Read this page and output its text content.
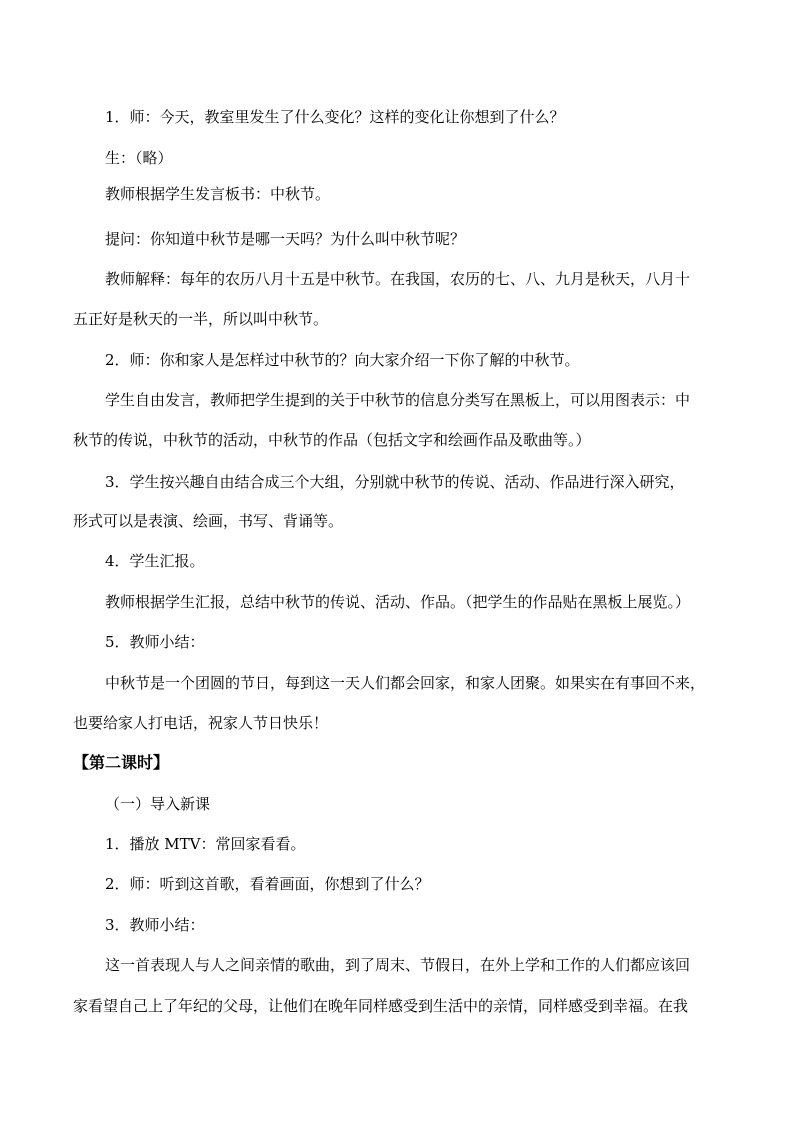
1．师：今天，教室里发生了什么变化？这样的变化让你想到了什么？
生：（略）
教师根据学生发言板书：中秋节。
提问：你知道中秋节是哪一天吗？为什么叫中秋节呢？
教师解释：每年的农历八月十五是中秋节。在我国，农历的七、八、九月是秋天，八月十
五正好是秋天的一半，所以叫中秋节。
2．师：你和家人是怎样过中秋节的？向大家介绍一下你了解的中秋节。
学生自由发言，教师把学生提到的关于中秋节的信息分类写在黑板上，可以用图表示：中
秋节的传说，中秋节的活动，中秋节的作品（包括文字和绘画作品及歌曲等。）
3．学生按兴趣自由结合成三个大组，分别就中秋节的传说、活动、作品进行深入研究，
形式可以是表演、绘画，书写、背诵等。
4．学生汇报。
教师根据学生汇报，总结中秋节的传说、活动、作品。（把学生的作品贴在黑板上展览。）
5．教师小结：
中秋节是一个团圆的节日，每到这一天人们都会回家，和家人团聚。如果实在有事回不来，
也要给家人打电话，祝家人节日快乐！
【第二课时】
（一）导入新课
1．播放 MTV：常回家看看。
2．师：听到这首歌，看着画面，你想到了什么？
3．教师小结：
这一首表现人与人之间亲情的歌曲，到了周末、节假日，在外上学和工作的人们都应该回
家看望自己上了年纪的父母，让他们在晚年同样感受到生活中的亲情，同样感受到幸福。在我
